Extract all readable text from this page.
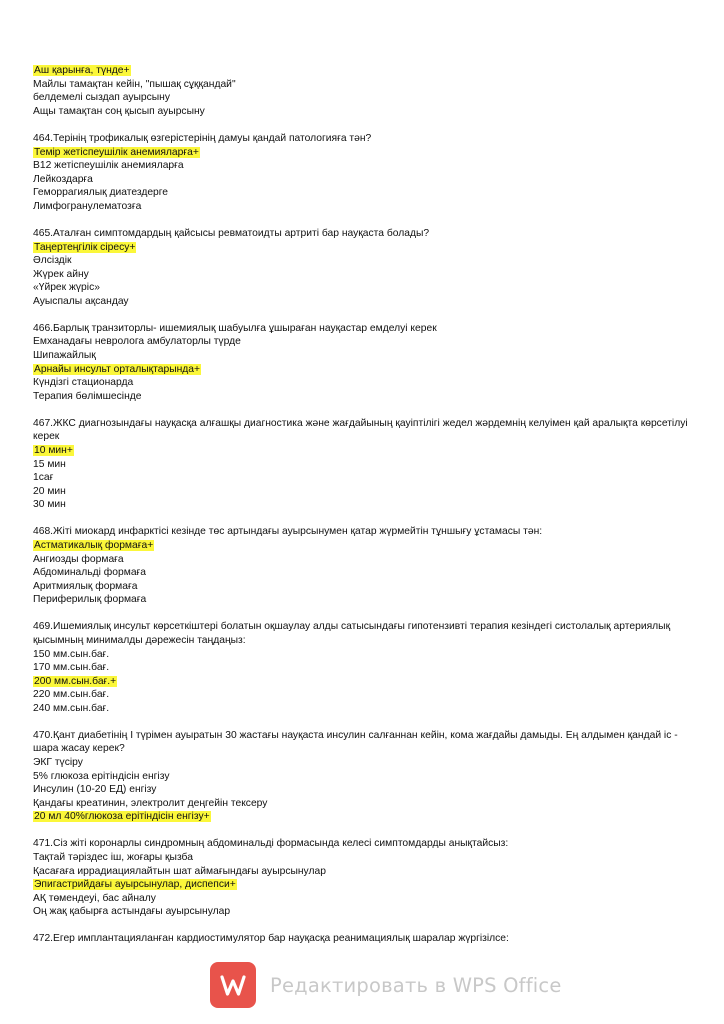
Аш қарынға, түнде+
Майлы тамақтан кейін, "пышақ сұққандай"
белдемелі сыздап ауырсыну
Ащы тамақтан соң қысып ауырсыну
464.Терінің трофикалық өзгерістерінің дамуы қандай патологияға тән?
Темір жетіспеушілік анемияларға+
В12 жетіспеушілік анемияларға
Лейкоздарға
Геморрагиялық диатездерге
Лимфогранулематозға
465.Аталған симптомдардың қайсысы ревматоидты артриті бар науқаста болады?
Таңертеңгілік сіресу+
Әлсіздік
Жүрек айну
«Үйрек жүріс»
Ауыспалы ақсандау
466.Барлық транзиторлы- ишемиялық шабуылға ұшыраған науқастар емделуі керек
Емханадағы невролога амбулаторлы түрде
Шипажайлық
Арнайы инсульт орталықтарында+
Күндізгі стационарда
Терапия бөлімшесінде
467.ЖКС диагнозындағы науқасқа алғашқы диагностика және жағдайының қауіптілігі жедел жәрдемнің келуімен қай аралықта көрсетілуі керек
10 мин+
15 мин
1сағ
20 мин
30 мин
468.Жіті миокард инфарктісі кезінде төс артындағы ауырсынумен қатар жүрмейтін тұншығу ұстамасы тән:
Астматикалық формаға+
Ангиозды формаға
Абдоминальді формаға
Аритмиялық формаға
Периферилық формаға
469.Ишемиялық инсульт көрсеткіштері болатын оқшаулау алды сатысындағы гипотензивті терапия кезіндегі систолалық артериялық қысымның минималды дәрежесін таңдаңыз:
150 мм.сын.бағ.
170 мм.сын.бағ.
200 мм.сын.бағ.+
220 мм.сын.бағ.
240 мм.сын.бағ.
470.Қант диабетінің І түрімен ауыратын 30 жастағы науқаста инсулин салғаннан кейін, кома жағдайы дамыды. Ең алдымен қандай іс - шара жасау керек?
ЭКГ түсіру
5% глюкоза ерітіндісін енгізу
Инсулин (10-20 ЕД) енгізу
Қандағы креатинин, электролит деңгейін тексеру
20 мл 40%глюкоза ерітіндісін енгізу+
471.Сіз жіті коронарлы синдромның абдоминальді формасында келесі симптомдарды анықтайсыз:
Тақтай тәріздес іш, жоғары қызба
Қасағаға иррадиациялайтын шат аймағындағы ауырсынулар
Эпигастрийдағы ауырсынулар, диспепси+
АҚ төмендеуі, бас айналу
Оң жақ қабырға астындағы ауырсынулар
472.Егер имплантацияланған кардиостимулятор бар науқасқа реанимациялық шаралар жүргізілсе:
Редактировать в WPS Office
